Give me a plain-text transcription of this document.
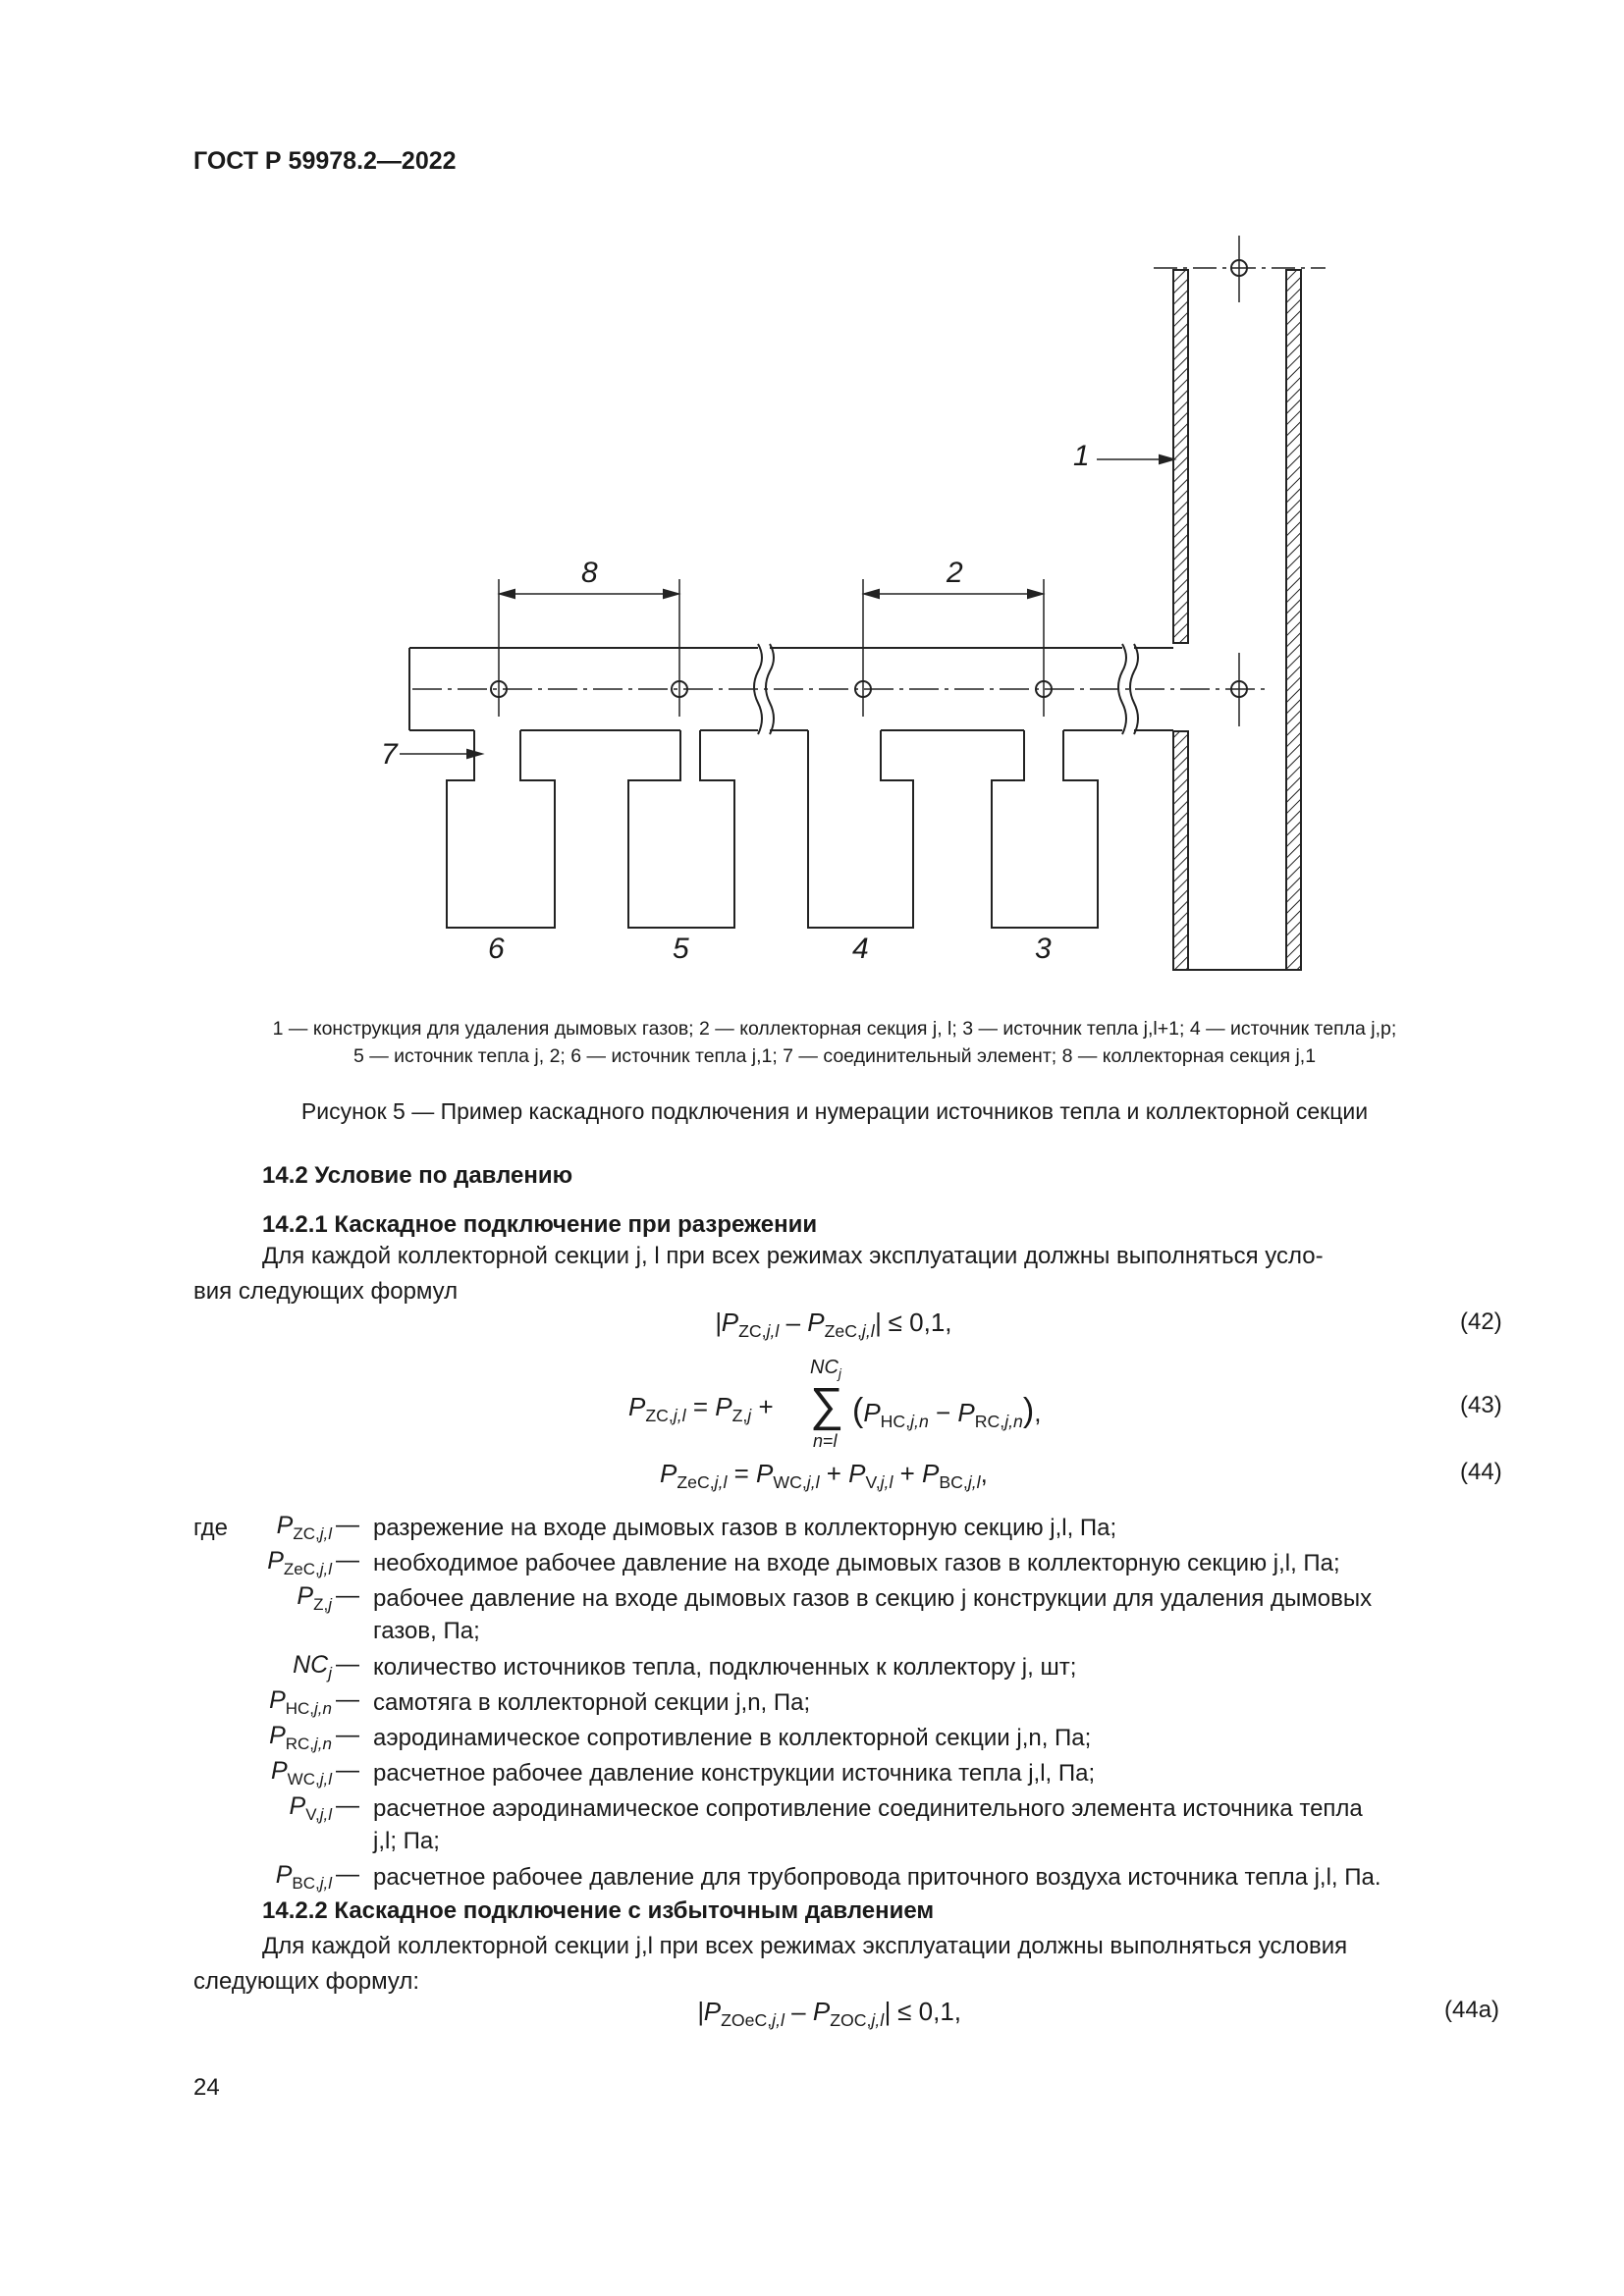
ГОСТ Р 59978.2—2022
1
8	2
7
6	5	4	3
1 — конструкция для удаления дымовых газов; 2 — коллекторная секция j, l; 3 — источник тепла j,l+1; 4 — источник тепла j,p;
5 — источник тепла j, 2; 6 — источник тепла j,1; 7 — соединительный элемент; 8 — коллекторная секция j,1
Рисунок 5 — Пример каскадного подключения и нумерации источников тепла и коллекторной секции
14.2 Условие по давлению
14.2.1 Каскадное подключение при разрежении
Для каждой коллекторной секции j, l при всех режимах эксплуатации должны выполняться усло-
вия следующих формул
$|P_{ZC,j,l} - P_{ZeC,j,l}| \le 0,1$,	(42)
$P_{ZC,j,l} = P_{Z,j}$ +
$NC_j$
∑
n=l
$(P_{HC,j,n} - P_{RC,j,n})$,	(43)
$P_{ZeC,j,l} = P_{WC,j,l} + P_{V,j,l} + P_{BC,j,l}$,	(44)
где	$P_{ZC,j,l}$ — разрежение на входе дымовых газов в коллекторную секцию j,l, Па;
$P_{ZeC,j,l}$ — необходимое рабочее давление на входе дымовых газов в коллекторную секцию j,l, Па;
$P_{Z,j}$ — рабочее давление на входе дымовых газов в секцию j конструкции для удаления дымовых
газов, Па;
$NC_j$ — количество источников тепла, подключенных к коллектору j, шт;
$P_{HC,j,n}$ — самотяга в коллекторной секции j,n, Па;
$P_{RC,j,n}$ — аэродинамическое сопротивление в коллекторной секции j,n, Па;
$P_{WC,j,l}$ — расчетное рабочее давление конструкции источника тепла j,l, Па;
$P_{V,j,l}$ — расчетное аэродинамическое сопротивление соединительного элемента источника тепла
j,l; Па;
$P_{BC,j,l}$ — расчетное рабочее давление для трубопровода приточного воздуха источника тепла j,l, Па.
14.2.2 Каскадное подключение с избыточным давлением
Для каждой коллекторной секции j,l при всех режимах эксплуатации должны выполняться условия
следующих формул:
$|P_{ZOeC,j,l} - P_{ZOC,j,l}| \le 0,1$,	(44а)
24
